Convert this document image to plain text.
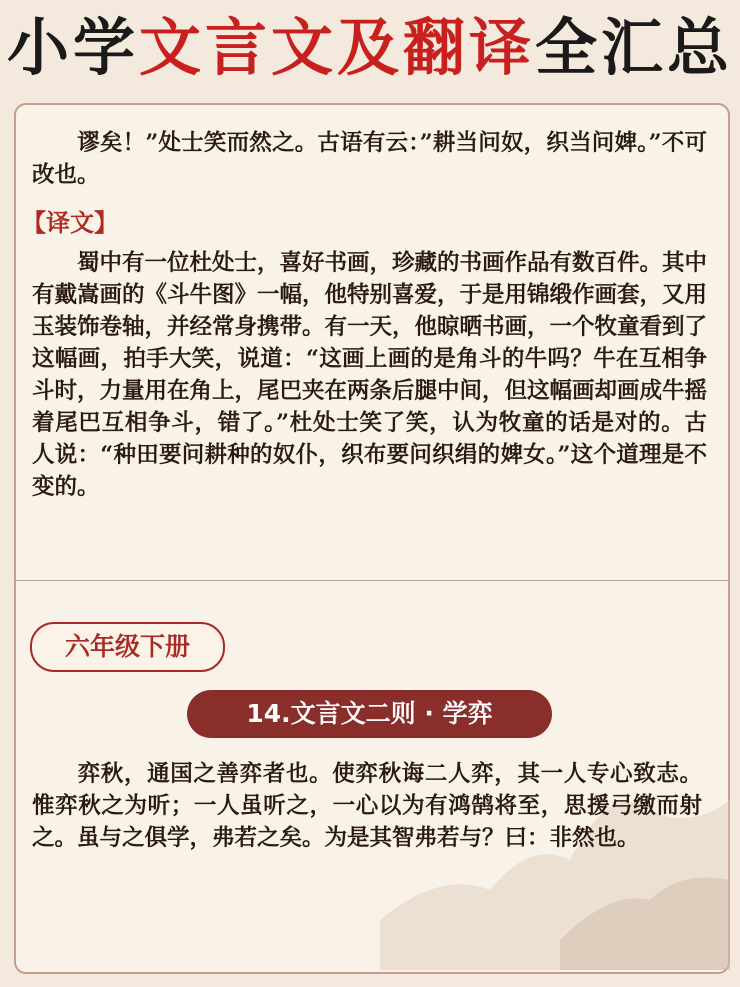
小学文言文及翻译全汇总
谬矣！”处士笑而然之。古语有云：”耕当问奴，织当问婢。”不可改也。
【译文】
蜀中有一位杜处士，喜好书画，珍藏的书画作品有数百件。其中有戴嵩画的《斗牛图》一幅，他特别喜爱，于是用锦缎作画套，又用玉装饰卷轴，并经常身携带。有一天，他晾晒书画，一个牧童看到了这幅画，拍手大笑，说道：“这画上画的是角斗的牛吗？牛在互相争斗时，力量用在角上，尾巴夹在两条后腿中间，但这幅画却画成牛摇着尾巴互相争斗，错了。”杜处士笑了笑，认为牧童的话是对的。古人说：“种田要问耕种的奴仆，织布要问织绢的婢女。”这个道理是不变的。
六年级下册
14.文言文二则 · 学弈
弈秋，通国之善弈者也。使弈秋诲二人弈，其一人专心致志。惟弈秋之为听；一人虽听之，一心以为有鸿鹄将至，思援弓缴而射之。虽与之俱学，弗若之矣。为是其智弗若与？曰：非然也。
